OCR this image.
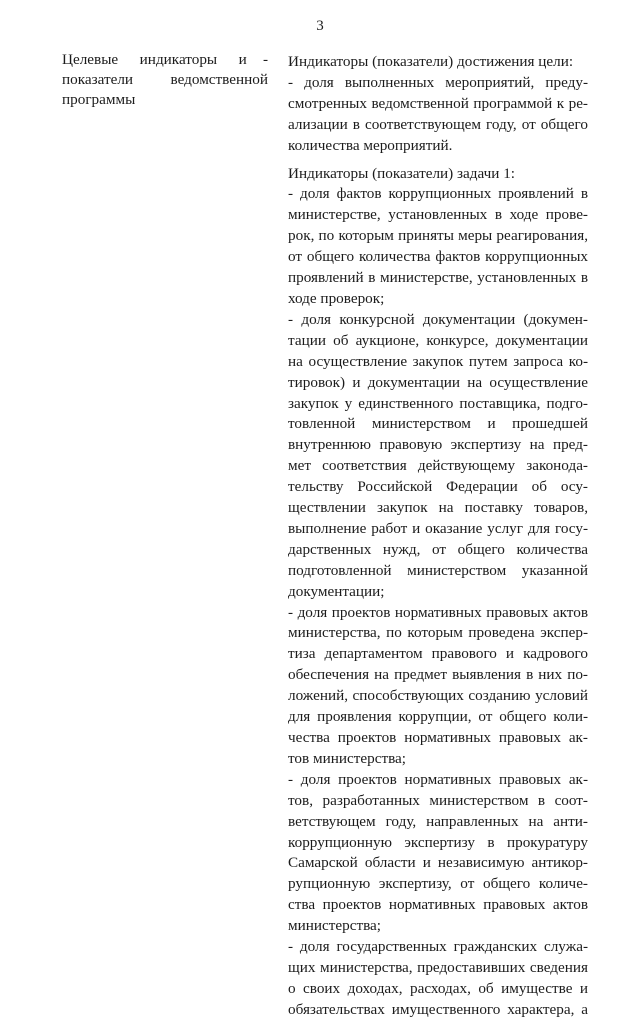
3
Целевые    индикаторы    и   -
показатели    ведомственной
программы
Индикаторы (показатели) достижения цели:
- доля выполненных мероприятий, преду-
смотренных ведомственной программой к ре-
ализации в соответствующем году, от общего
количества мероприятий.
Индикаторы (показатели) задачи 1:
- доля фактов коррупционных проявлений в
министерстве, установленных в ходе прове-
рок, по которым приняты меры реагирования,
от общего количества фактов коррупционных
проявлений в министерстве, установленных в
ходе проверок;
- доля конкурсной документации (докумен-
тации об аукционе, конкурсе, документации
на осуществление закупок путем запроса ко-
тировок) и документации на осуществление
закупок у единственного поставщика, подго-
товленной министерством и прошедшей
внутреннюю правовую экспертизу на пред-
мет соответствия действующему законода-
тельству Российской Федерации об осу-
ществлении закупок на поставку товаров,
выполнение работ и оказание услуг для госу-
дарственных нужд, от общего количества
подготовленной министерством указанной
документации;
- доля проектов нормативных правовых актов
министерства, по которым проведена экспер-
тиза департаментом правового и кадрового
обеспечения на предмет выявления в них по-
ложений, способствующих созданию условий
для проявления коррупции, от общего коли-
чества проектов нормативных правовых ак-
тов министерства;
- доля проектов нормативных правовых ак-
тов, разработанных министерством в соот-
ветствующем году, направленных на анти-
коррупционную экспертизу в прокуратуру
Самарской области и независимую антикор-
рупционную экспертизу, от общего количе-
ства проектов нормативных правовых актов
министерства;
- доля государственных гражданских служа-
щих министерства, предоставивших сведения
о своих доходах, расходах, об имуществе и
обязательствах имущественного характера, а
